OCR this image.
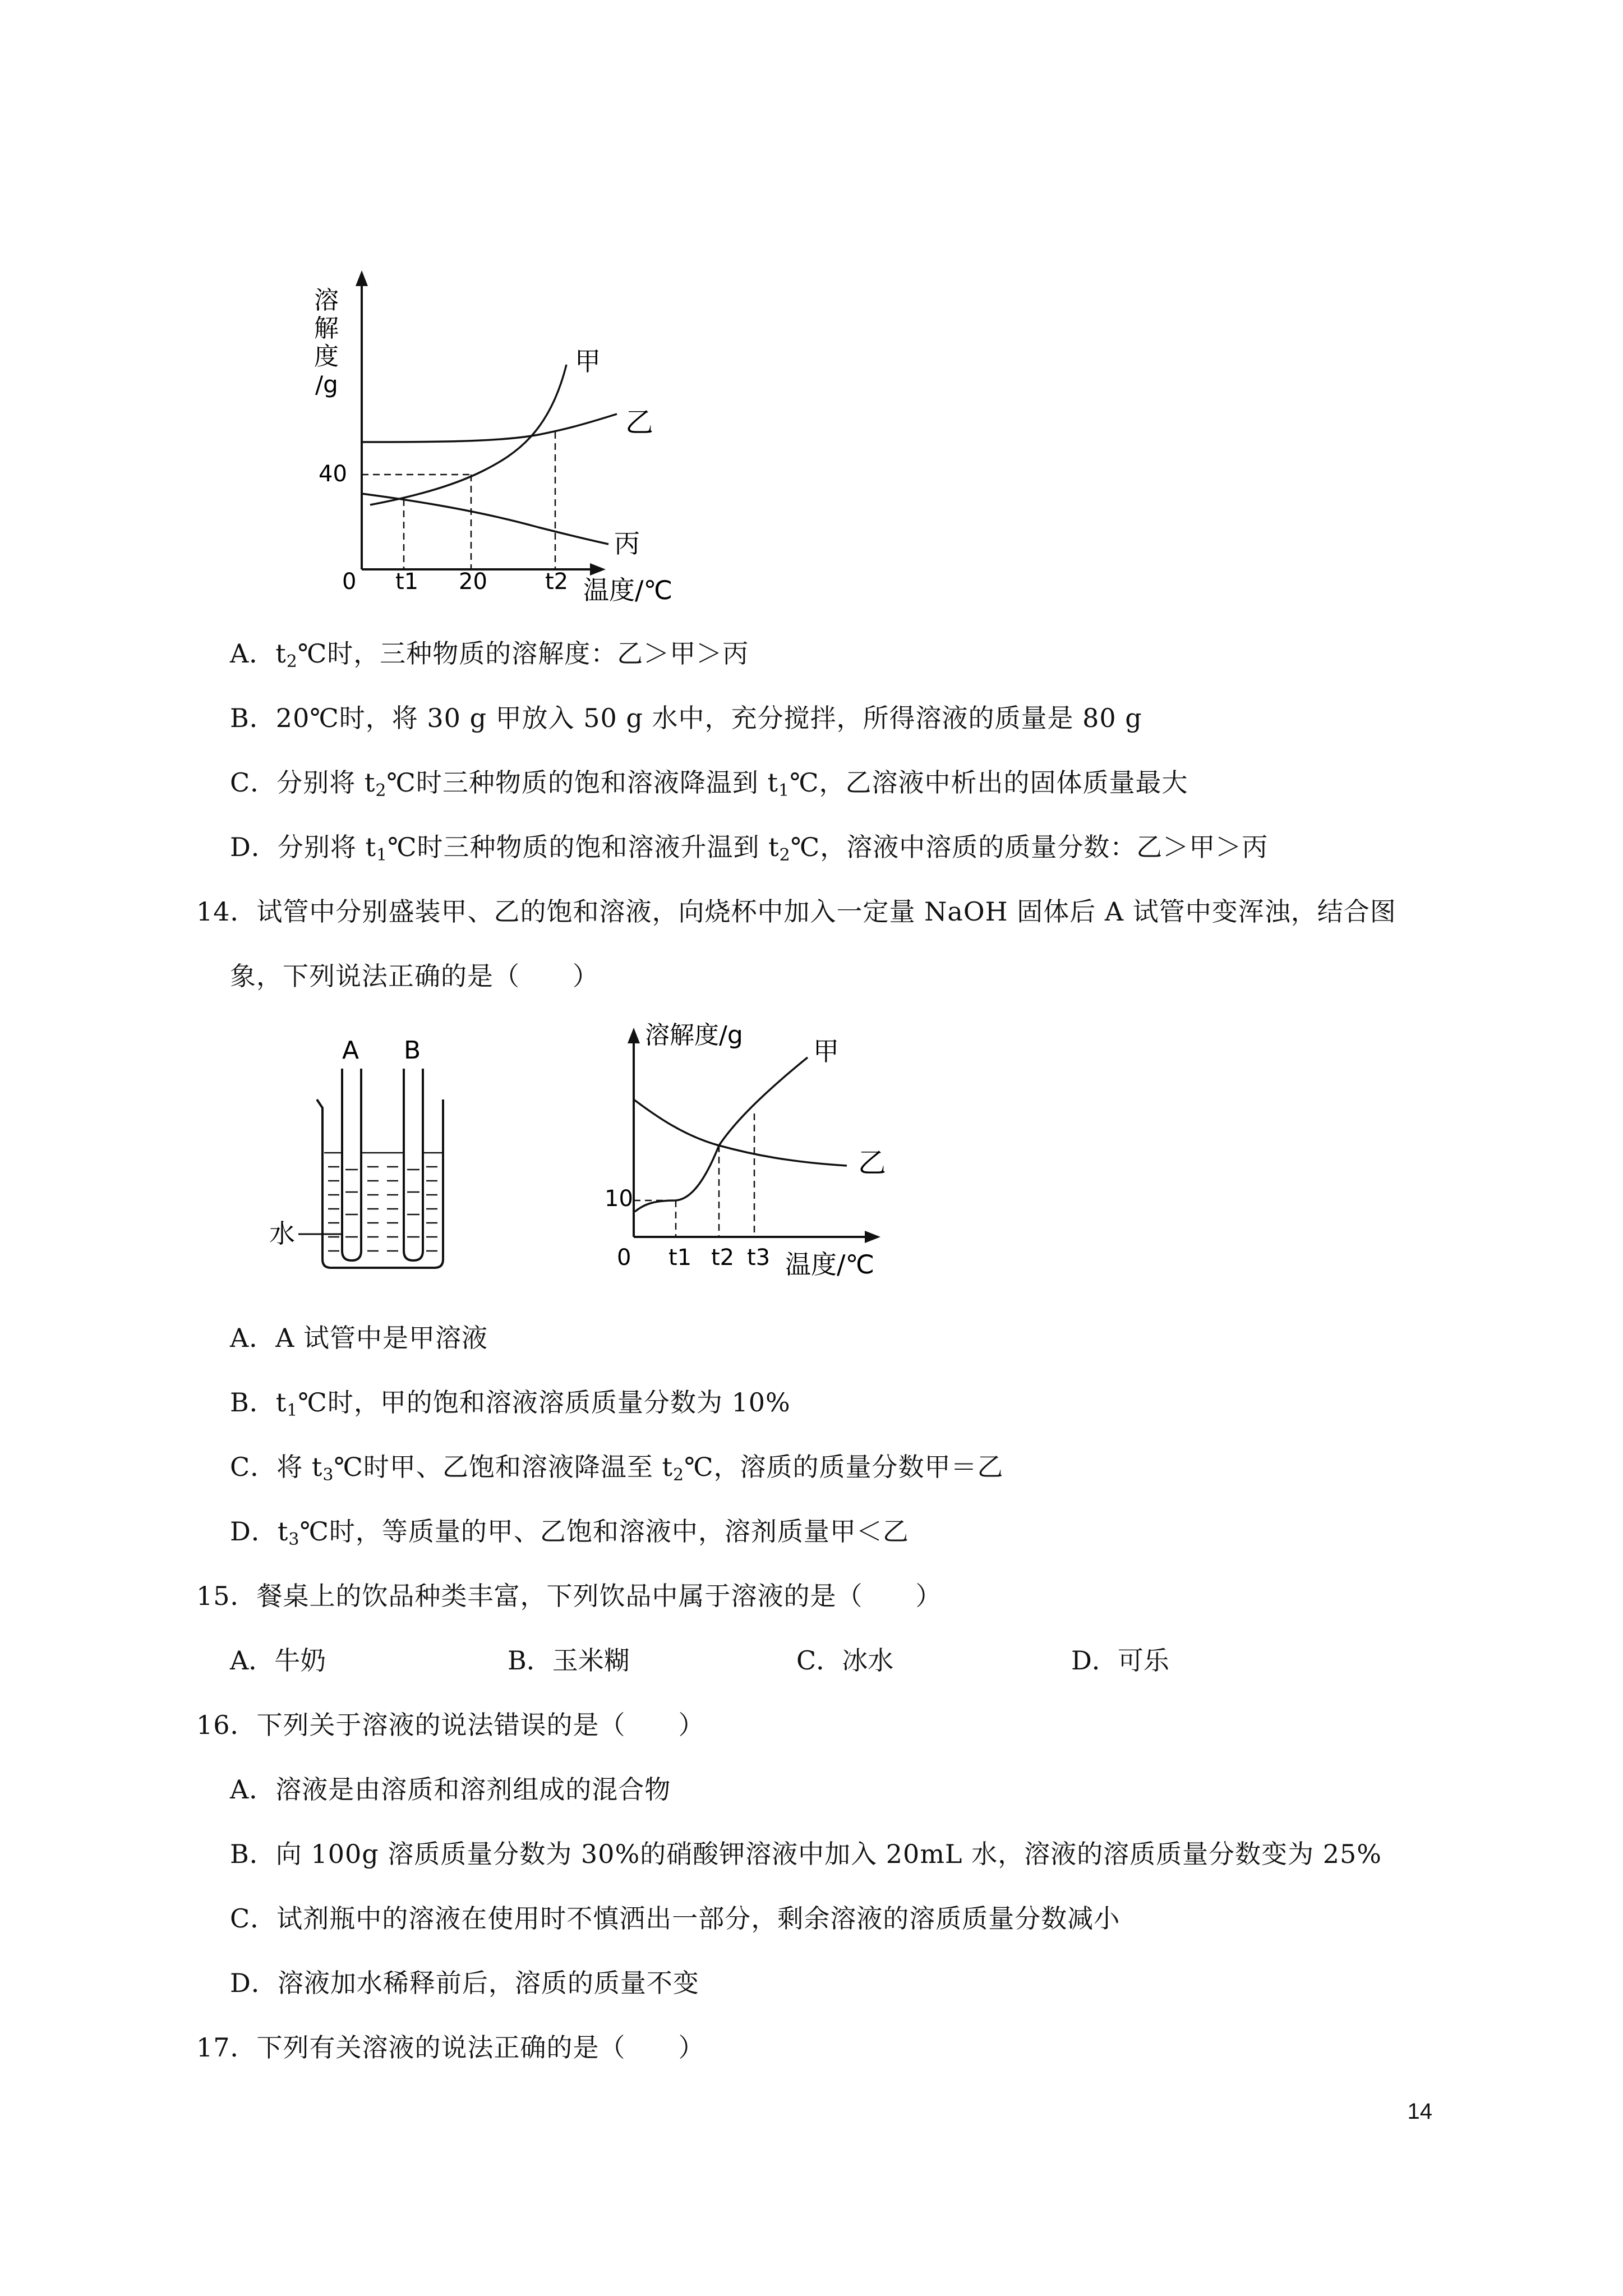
溶
解
度
/g
40
甲
乙
丙
0 t1 20	t2 温度/℃
A．$t_2℃$时，三种物质的溶解度：乙＞甲＞丙
B．20℃时，将 30 g 甲放入 50 g 水中，充分搅拌，所得溶液的质量是 80 g
C．分别将 $t_2℃$时三种物质的饱和溶液降温到 $t_1℃$，乙溶液中析出的固体质量最大
D．分别将 $t_1℃$时三种物质的饱和溶液升温到 $t_2℃$，溶液中溶质的质量分数：乙＞甲＞丙
14．试管中分别盛装甲、乙的饱和溶液，向烧杯中加入一定量 NaOH 固体后 A 试管中变浑浊，结合图
象，下列说法正确的是（　　）
A B
水
溶解度/g
10
甲
乙
0 t1 t2 t3 温度/℃
A．A 试管中是甲溶液
B．$t_1℃$时，甲的饱和溶液溶质质量分数为 10%
C．将 $t_3℃$时甲、乙饱和溶液降温至 $t_2℃$，溶质的质量分数甲＝乙
D．$t_3℃$时，等质量的甲、乙饱和溶液中，溶剂质量甲＜乙
15．餐桌上的饮品种类丰富，下列饮品中属于溶液的是（　　）
A．牛奶	B．玉米糊	C．冰水	D．可乐
16．下列关于溶液的说法错误的是（　　）
A．溶液是由溶质和溶剂组成的混合物
B．向 100g 溶质质量分数为 30%的硝酸钾溶液中加入 20mL 水，溶液的溶质质量分数变为 25%
C．试剂瓶中的溶液在使用时不慎洒出一部分，剩余溶液的溶质质量分数减小
D．溶液加水稀释前后，溶质的质量不变
17．下列有关溶液的说法正确的是（　　）
14
